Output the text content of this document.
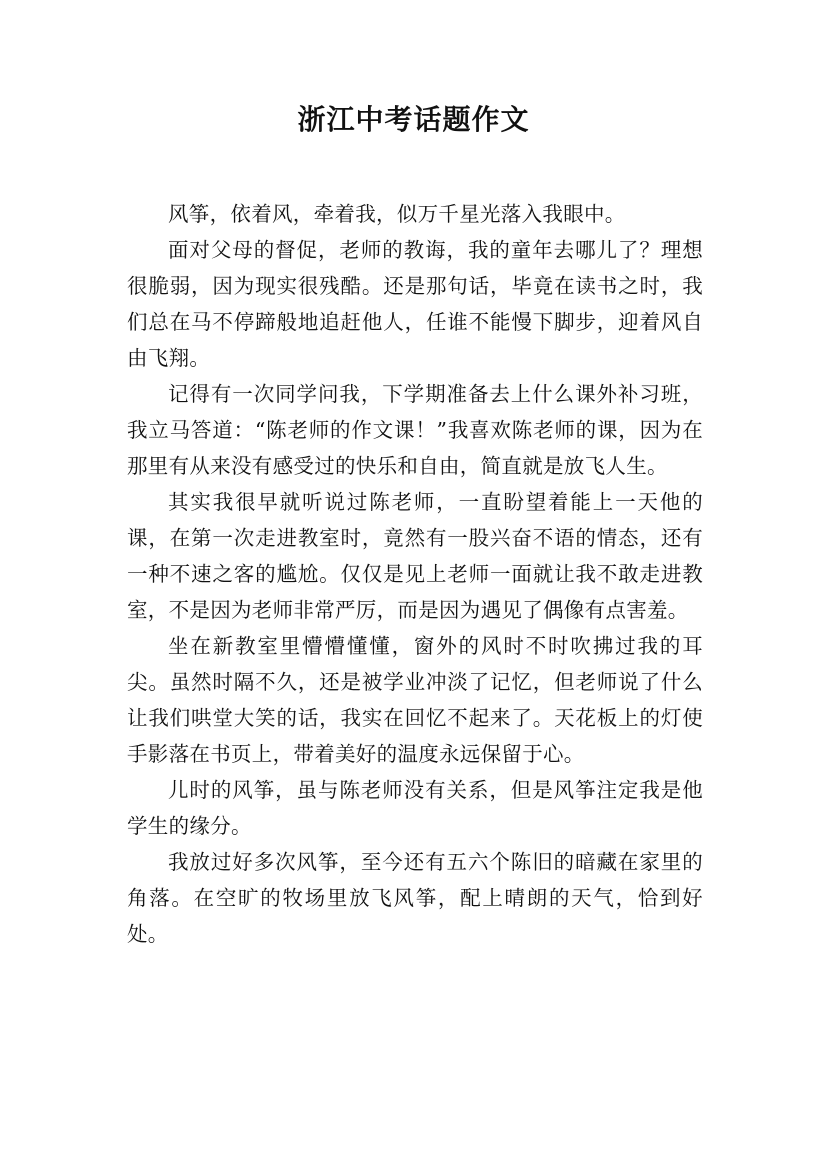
浙江中考话题作文

风筝，依着风，牵着我，似万千星光落入我眼中。

面对父母的督促，老师的教诲，我的童年去哪儿了？理想很脆弱，因为现实很残酷。还是那句话，毕竟在读书之时，我们总在马不停蹄般地追赶他人，任谁不能慢下脚步，迎着风自由飞翔。

记得有一次同学问我，下学期准备去上什么课外补习班，我立马答道：“陈老师的作文课！”我喜欢陈老师的课，因为在那里有从来没有感受过的快乐和自由，简直就是放飞人生。

其实我很早就听说过陈老师，一直盼望着能上一天他的课，在第一次走进教室时，竟然有一股兴奋不语的情态，还有一种不速之客的尴尬。仅仅是见上老师一面就让我不敢走进教室，不是因为老师非常严厉，而是因为遇见了偶像有点害羞。

坐在新教室里懵懵懂懂，窗外的风时不时吹拂过我的耳尖。虽然时隔不久，还是被学业冲淡了记忆，但老师说了什么让我们哄堂大笑的话，我实在回忆不起来了。天花板上的灯使手影落在书页上，带着美好的温度永远保留于心。

儿时的风筝，虽与陈老师没有关系，但是风筝注定我是他学生的缘分。

我放过好多次风筝，至今还有五六个陈旧的暗藏在家里的角落。在空旷的牧场里放飞风筝，配上晴朗的天气，恰到好处。
